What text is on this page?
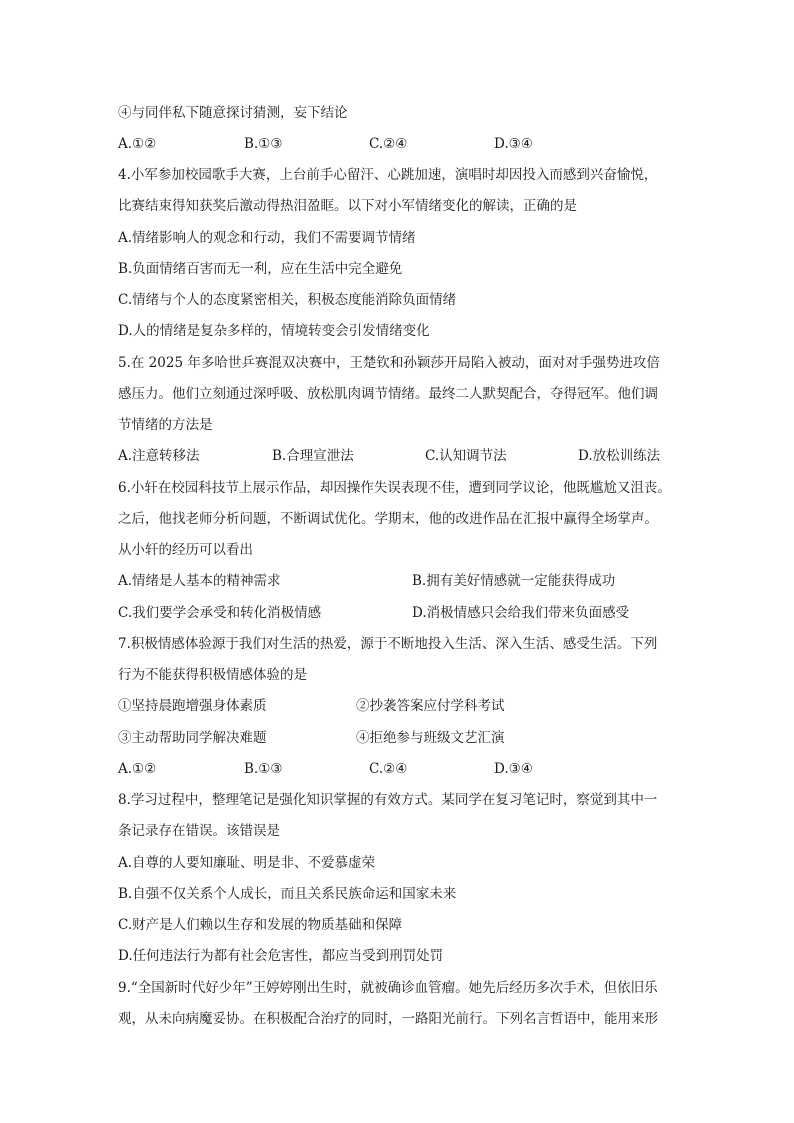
④与同伴私下随意探讨猜测，妄下结论
A.①②	B.①③	C.②④	D.③④
4.小军参加校园歌手大赛，上台前手心留汗、心跳加速，演唱时却因投入而感到兴奋愉悦，
比赛结束得知获奖后激动得热泪盈眶。以下对小军情绪变化的解读，正确的是
A.情绪影响人的观念和行动，我们不需要调节情绪
B.负面情绪百害而无一利，应在生活中完全避免
C.情绪与个人的态度紧密相关，积极态度能消除负面情绪
D.人的情绪是复杂多样的，情境转变会引发情绪变化
5.在 2025 年多哈世乒赛混双决赛中，王楚钦和孙颖莎开局陷入被动，面对对手强势进攻倍
感压力。他们立刻通过深呼吸、放松肌肉调节情绪。最终二人默契配合，夺得冠军。他们调
节情绪的方法是
A.注意转移法	B.合理宣泄法	C.认知调节法	D.放松训练法
6.小轩在校园科技节上展示作品，却因操作失误表现不佳，遭到同学议论，他既尴尬又沮丧。
之后，他找老师分析问题，不断调试优化。学期末，他的改进作品在汇报中赢得全场掌声。
从小轩的经历可以看出
A.情绪是人基本的精神需求	B.拥有美好情感就一定能获得成功
C.我们要学会承受和转化消极情感	D.消极情感只会给我们带来负面感受
7.积极情感体验源于我们对生活的热爱，源于不断地投入生活、深入生活、感受生活。下列
行为不能获得积极情感体验的是
①坚持晨跑增强身体素质	②抄袭答案应付学科考试
③主动帮助同学解决难题	④拒绝参与班级文艺汇演
A.①②	B.①③	C.②④	D.③④
8.学习过程中，整理笔记是强化知识掌握的有效方式。某同学在复习笔记时，察觉到其中一
条记录存在错误。该错误是
A.自尊的人要知廉耻、明是非、不爱慕虚荣
B.自强不仅关系个人成长，而且关系民族命运和国家未来
C.财产是人们赖以生存和发展的物质基础和保障
D.任何违法行为都有社会危害性，都应当受到刑罚处罚
9.“全国新时代好少年”王婷婷刚出生时，就被确诊血管瘤。她先后经历多次手术，但依旧乐
观，从未向病魔妥协。在积极配合治疗的同时，一路阳光前行。下列名言哲语中，能用来形
